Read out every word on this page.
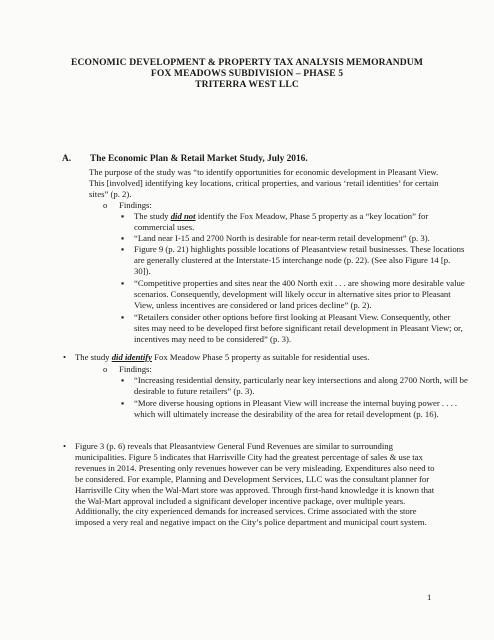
ECONOMIC DEVELOPMENT & PROPERTY TAX ANALYSIS MEMORANDUM
FOX MEADOWS SUBDIVISION – PHASE 5
TRITERRA WEST LLC
A. The Economic Plan & Retail Market Study, July 2016.
The purpose of the study was “to identify opportunities for economic development in Pleasant View. This [involved] identifying key locations, critical properties, and various ‘retail identities’ for certain sites” (p. 2).
o Findings:
▪ The study did not identify the Fox Meadow, Phase 5 property as a “key location” for commercial uses.
▪ “Land near I-15 and 2700 North is desirable for near-term retail development” (p. 3).
▪ Figure 9 (p. 21) highlights possible locations of Pleasantview retail businesses. These locations are generally clustered at the Interstate-15 interchange node (p. 22). (See also Figure 14 [p. 30]).
▪ “Competitive properties and sites near the 400 North exit . . . are showing more desirable value scenarios. Consequently, development will likely occur in alternative sites prior to Pleasant View, unless incentives are considered or land prices decline” (p. 2).
▪ “Retailers consider other options before first looking at Pleasant View. Consequently, other sites may need to be developed first before significant retail development in Pleasant View; or, incentives may need to be considered” (p. 3).
• The study did identify Fox Meadow Phase 5 property as suitable for residential uses.
o Findings:
▪ “Increasing residential density, particularly near key intersections and along 2700 North, will be desirable to future retailers” (p. 3).
▪ “More diverse housing options in Pleasant View will increase the internal buying power . . . . which will ultimately increase the desirability of the area for retail development (p. 16).
• Figure 3 (p. 6) reveals that Pleasantview General Fund Revenues are similar to surrounding municipalities. Figure 5 indicates that Harrisville City had the greatest percentage of sales & use tax revenues in 2014. Presenting only revenues however can be very misleading. Expenditures also need to be considered. For example, Planning and Development Services, LLC was the consultant planner for Harrisville City when the Wal-Mart store was approved. Through first-hand knowledge it is known that the Wal-Mart approval included a significant developer incentive package, over multiple years. Additionally, the city experienced demands for increased services. Crime associated with the store imposed a very real and negative impact on the City’s police department and municipal court system.
1
